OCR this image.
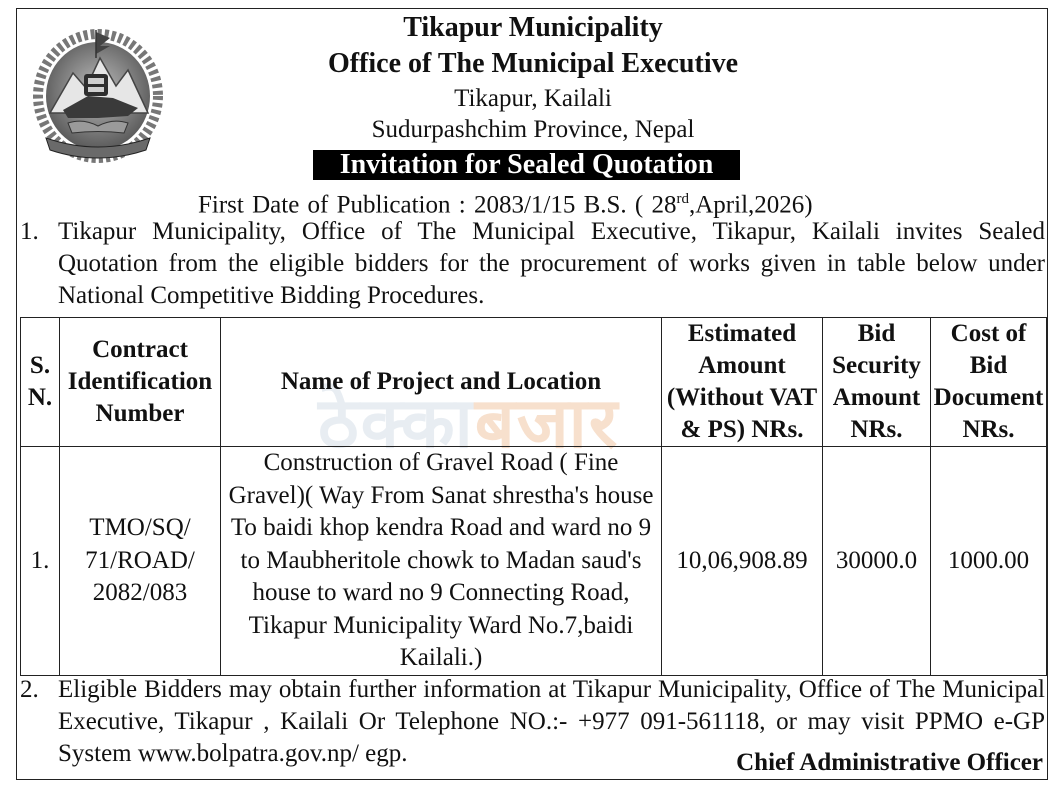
Tikapur Municipality
Office of The Municipal Executive
Tikapur, Kailali
Sudurpashchim Province, Nepal
Invitation for Sealed Quotation
First Date of Publication : 2083/1/15 B.S. ( 28rd,April,2026)
1. Tikapur Municipality, Office of The Municipal Executive, Tikapur, Kailali invites Sealed Quotation from the eligible bidders for the procurement of works given in table below under National Competitive Bidding Procedures.
ठेक्काबजार
S. N.	Contract Identification Number	Name of Project and Location	Estimated Amount (Without VAT & PS) NRs.	Bid Security Amount NRs.	Cost of Bid Document NRs.
1.	TMO/SQ/ 71/ROAD/ 2082/083	Construction of Gravel Road ( Fine Gravel)( Way From Sanat shrestha's house To baidi khop kendra Road and ward no 9 to Maubheritole chowk to Madan saud's house to ward no 9 Connecting Road, Tikapur Municipality Ward No.7,baidi Kailali.)	10,06,908.89	30000.0	1000.00
2. Eligible Bidders may obtain further information at Tikapur Municipality, Office of The Municipal Executive, Tikapur , Kailali Or Telephone NO.:- +977 091-561118, or may visit PPMO e-GP System www.bolpatra.gov.np/ egp.	Chief Administrative Officer
